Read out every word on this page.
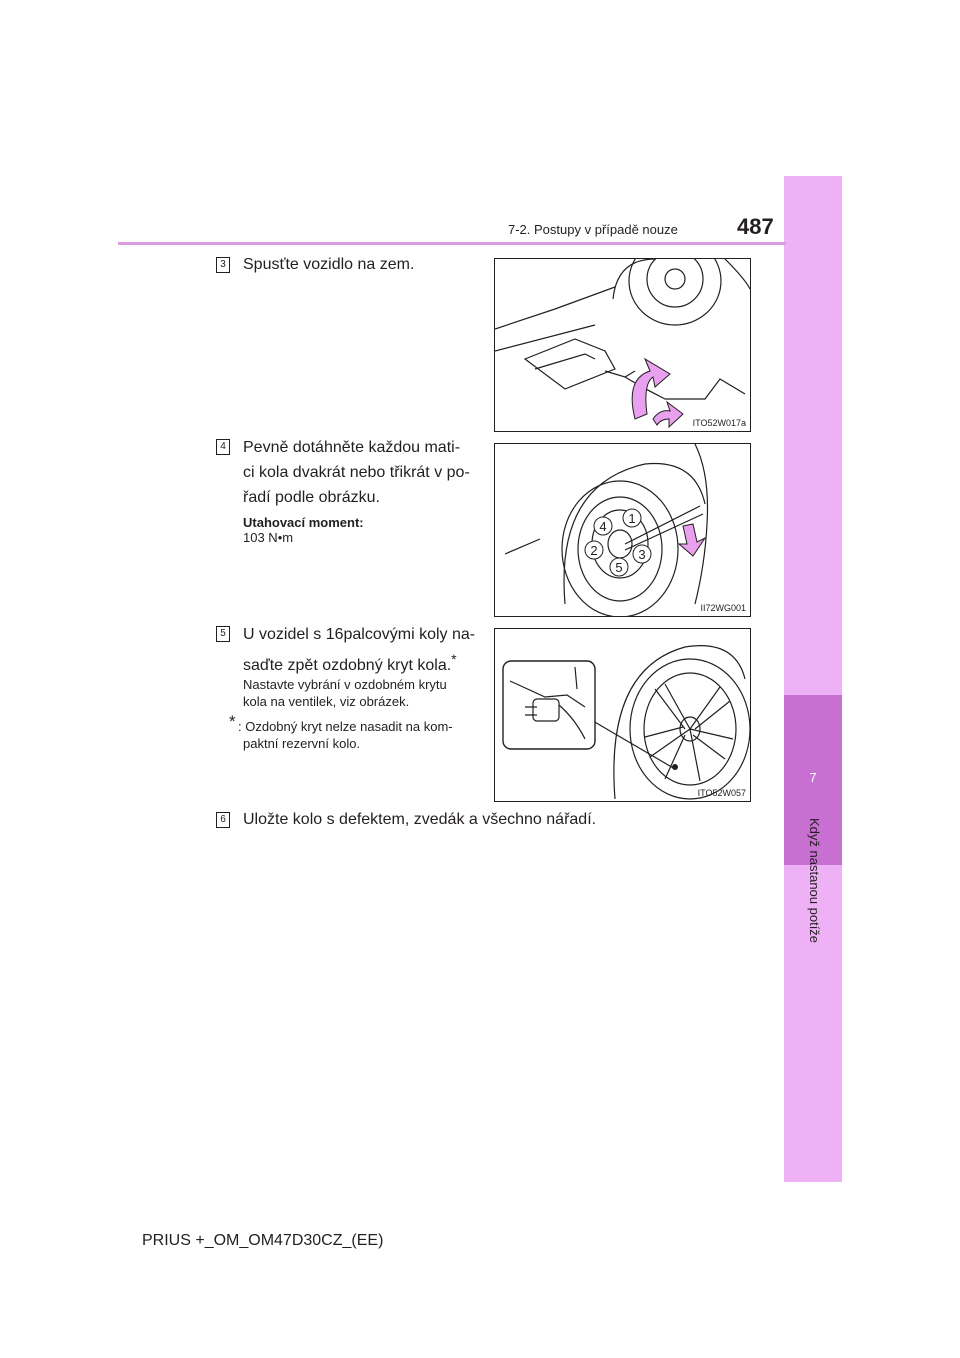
7
Když nastanou potíže
7-2. Postupy v případě nouze	487
3 Spusťte vozidlo na zem.
ITO52W017a
4 Pevně dotáhněte každou mati-
ci kola dvakrát nebo třikrát v po-
řadí podle obrázku.
Utahovací moment:
103 N•m
1
2	3
4
5
II72WG001
5 U vozidel s 16palcovými koly na-
saďte zpět ozdobný kryt kola.*
Nastavte vybrání v ozdobném krytu
kola na ventilek, viz obrázek.
* : Ozdobný kryt nelze nasadit na kom-
paktní rezervní kolo.
ITO52W057
6 Uložte kolo s defektem, zvedák a všechno nářadí.
PRIUS +_OM_OM47D30CZ_(EE)
